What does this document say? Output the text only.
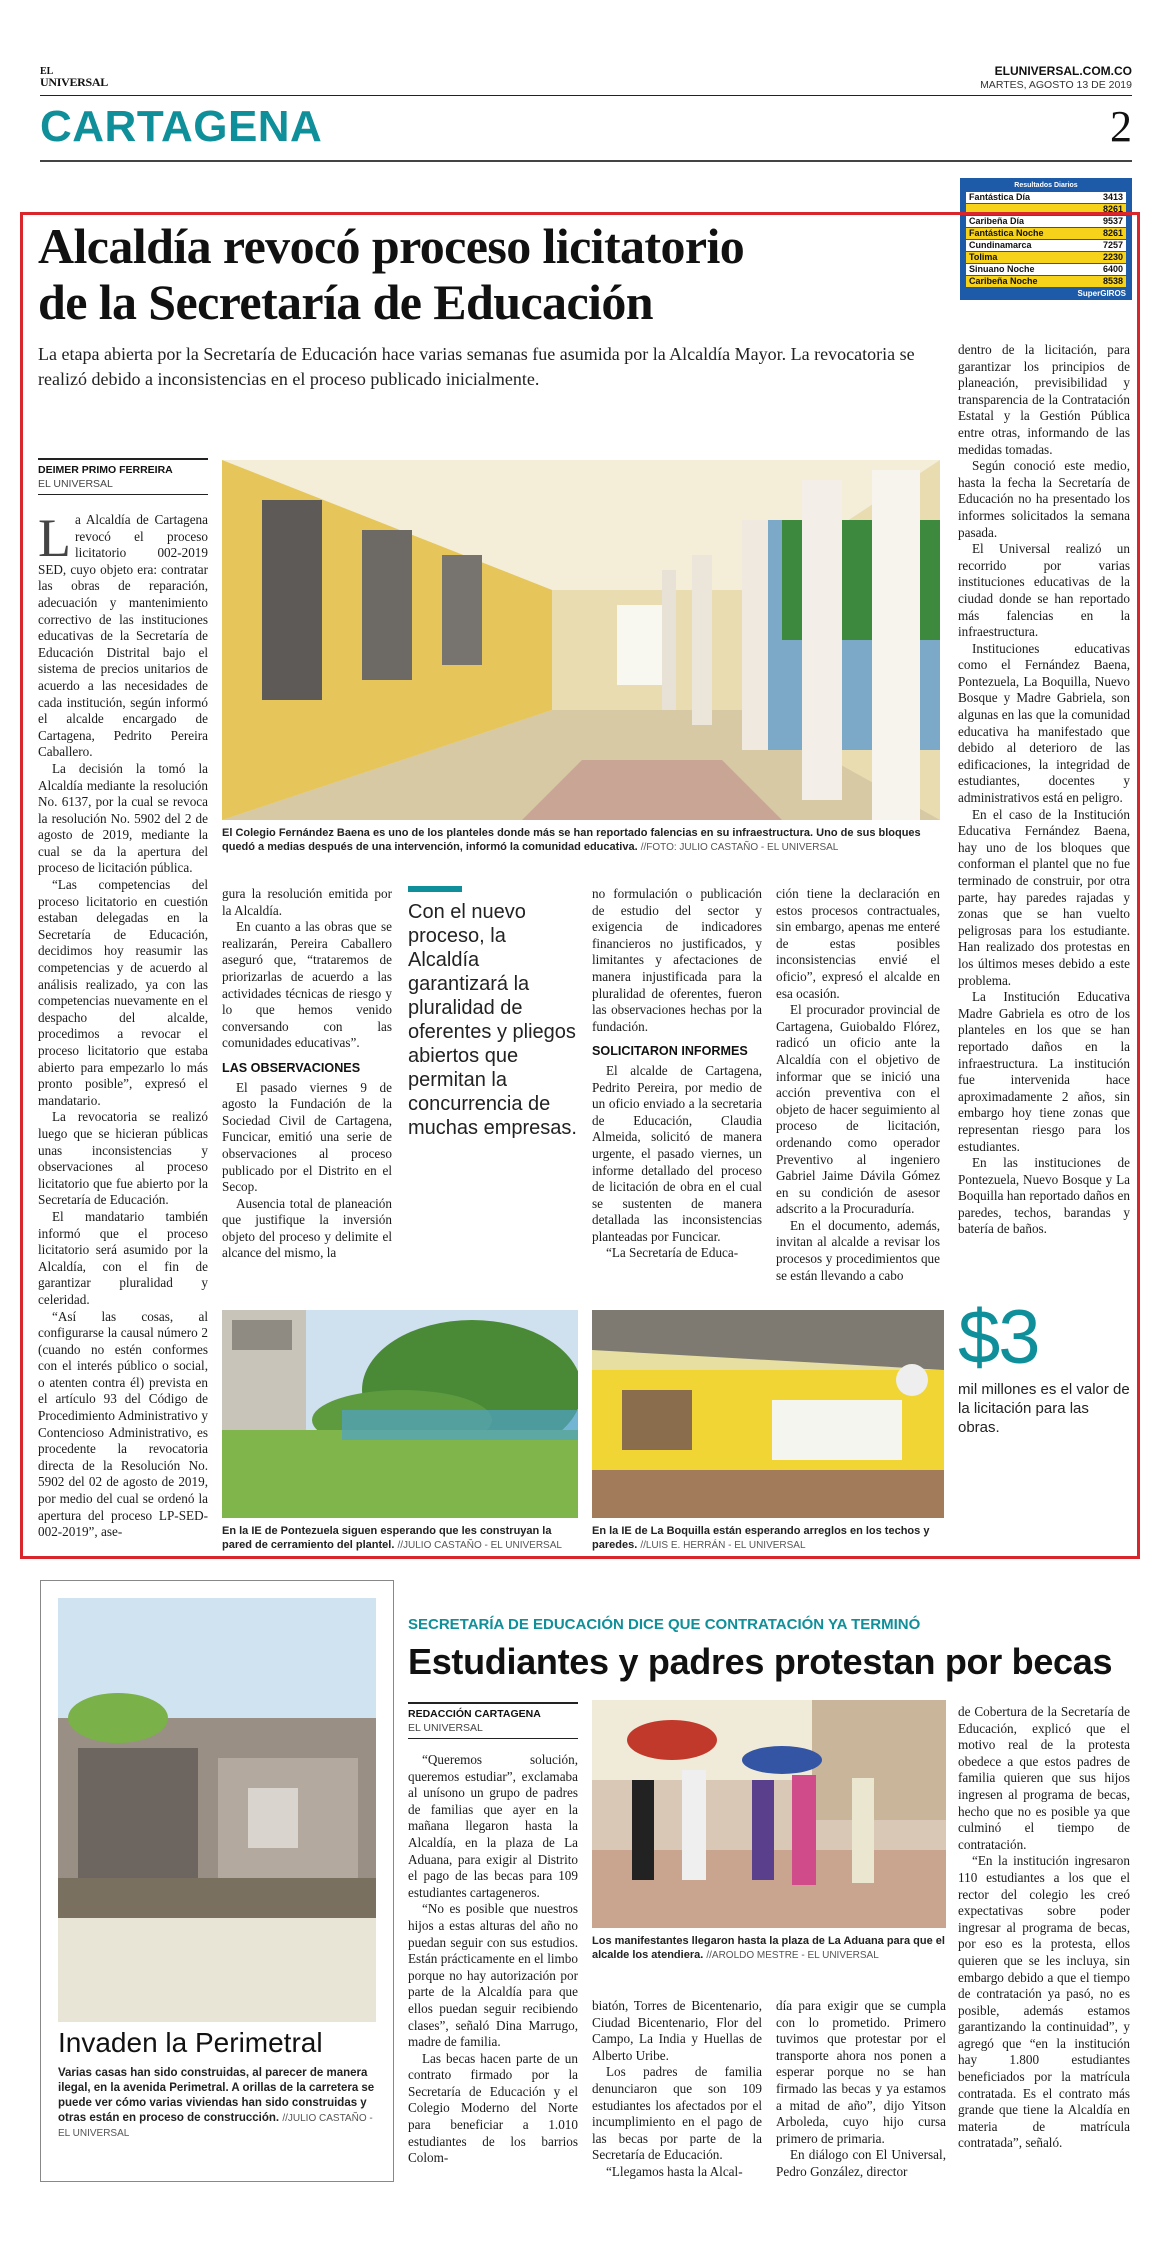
EL
UNIVERSAL
ELUNIVERSAL.COM.CO
MARTES, AGOSTO 13 DE 2019
CARTAGENA	2
Resultados Diarios
Fantástica Día	3413
8261
Caribeña Día	9537
Fantástica Noche	8261
Cundinamarca	7257
Tolima	2230
Sinuano Noche	6400
Caribeña Noche	8538
SuperGIROS
Alcaldía revocó proceso licitatorio
de la Secretaría de Educación
La etapa abierta por la Secretaría de Educación hace varias semanas fue asumida por la Alcaldía Mayor. La revocatoria se realizó debido a inconsistencias en el proceso publicado inicialmente.
DEIMER PRIMO FERREIRA
EL UNIVERSAL

La Alcaldía de Cartagena revocó el proceso licitatorio 002-2019 SED, cuyo objeto era: contratar las obras de reparación, adecuación y mantenimiento correctivo de las instituciones educativas de la Secretaría de Educación Distrital bajo el sistema de precios unitarios de acuerdo a las necesidades de cada institución, según informó el alcalde encargado de Cartagena, Pedrito Pereira Caballero.

La decisión la tomó la Alcaldía mediante la resolución No. 6137, por la cual se revoca la resolución No. 5902 del 2 de agosto de 2019, mediante la cual se da la apertura del proceso de licitación pública.

“Las competencias del proceso licitatorio en cuestión estaban delegadas en la Secretaría de Educación, decidimos hoy reasumir las competencias y de acuerdo al análisis realizado, ya con las competencias nuevamente en el despacho del alcalde, procedimos a revocar el proceso licitatorio que estaba abierto para empezarlo lo más pronto posible”, expresó el mandatario.

La revocatoria se realizó luego que se hicieran públicas unas inconsistencias y observaciones al proceso licitatorio que fue abierto por la Secretaría de Educación.

El mandatario también informó que el proceso licitatorio será asumido por la Alcaldía, con el fin de garantizar pluralidad y celeridad.

“Así las cosas, al configurarse la causal número 2 (cuando no estén conformes con el interés público o social, o atenten contra él) prevista en el artículo 93 del Código de Procedimiento Administrativo y Contencioso Administrativo, es procedente la revocatoria directa de la Resolución No. 5902 del 02 de agosto de 2019, por medio del cual se ordenó la apertura del proceso LP-SED-002-2019”, ase-

El Colegio Fernández Baena es uno de los planteles donde más se han reportado falencias en su infraestructura. Uno de sus bloques quedó a medias después de una intervención, informó la comunidad educativa. //FOTO: JULIO CASTAÑO - EL UNIVERSAL

gura la resolución emitida por la Alcaldía.

En cuanto a las obras que se realizarán, Pereira Caballero aseguró que, “trataremos de priorizarlas de acuerdo a las actividades técnicas de riesgo y lo que hemos venido conversando con las comunidades educativas”.

LAS OBSERVACIONES

El pasado viernes 9 de agosto la Fundación de la Sociedad Civil de Cartagena, Funcicar, emitió una serie de observaciones al proceso publicado por el Distrito en el Secop.

Ausencia total de planeación que justifique la inversión objeto del proceso y delimite el alcance del mismo, la

Con el nuevo proceso, la Alcaldía garantizará la pluralidad de oferentes y pliegos abiertos que permitan la concurrencia de muchas empresas.

no formulación o publicación de estudio del sector y exigencia de indicadores financieros no justificados, y limitantes y afectaciones de manera injustificada para la pluralidad de oferentes, fueron las observaciones hechas por la fundación.

SOLICITARON INFORMES

El alcalde de Cartagena, Pedrito Pereira, por medio de un oficio enviado a la secretaria de Educación, Claudia Almeida, solicitó de manera urgente, el pasado viernes, un informe detallado del proceso de licitación de obra en el cual se sustenten de manera detallada las inconsistencias planteadas por Funcicar.

“La Secretaría de Educa-

ción tiene la declaración en estos procesos contractuales, sin embargo, apenas me enteré de estas posibles inconsistencias envié el oficio”, expresó el alcalde en esa ocasión.

El procurador provincial de Cartagena, Guiobaldo Flórez, radicó un oficio ante la Alcaldía con el objetivo de informar que se inició una acción preventiva con el objeto de hacer seguimiento al proceso de licitación, ordenando como operador Preventivo al ingeniero Gabriel Jaime Dávila Gómez en su condición de asesor adscrito a la Procuraduría.

En el documento, además, invitan al alcalde a revisar los procesos y procedimientos que se están llevando a cabo

dentro de la licitación, para garantizar los principios de planeación, previsibilidad y transparencia de la Contratación Estatal y la Gestión Pública entre otras, informando de las medidas tomadas.

Según conoció este medio, hasta la fecha la Secretaría de Educación no ha presentado los informes solicitados la semana pasada.

El Universal realizó un recorrido por varias instituciones educativas de la ciudad donde se han reportado más falencias en la infraestructura.

Instituciones educativas como el Fernández Baena, Pontezuela, La Boquilla, Nuevo Bosque y Madre Gabriela, son algunas en las que la comunidad educativa ha manifestado que debido al deterioro de las edificaciones, la integridad de estudiantes, docentes y administrativos está en peligro.

En el caso de la Institución Educativa Fernández Baena, hay uno de los bloques que conforman el plantel que no fue terminado de construir, por otra parte, hay paredes rajadas y zonas que se han vuelto peligrosas para los estudiante. Han realizado dos protestas en los últimos meses debido a este problema.

La Institución Educativa Madre Gabriela es otro de los planteles en los que se han reportado daños en la infraestructura. La institución fue intervenida hace aproximadamente 2 años, sin embargo hoy tiene zonas que representan riesgo para los estudiantes.

En las instituciones de Pontezuela, Nuevo Bosque y La Boquilla han reportado daños en paredes, techos, barandas y batería de baños.

En la IE de Pontezuela siguen esperando que les construyan la pared de cerramiento del plantel. //JULIO CASTAÑO - EL UNIVERSAL
En la IE de La Boquilla están esperando arreglos en los techos y paredes. //LUIS E. HERRÁN - EL UNIVERSAL
$3
mil millones es el valor de la licitación para las obras.
Invaden la Perimetral
Varias casas han sido construidas, al parecer de manera ilegal, en la avenida Perimetral. A orillas de la carretera se puede ver cómo varias viviendas han sido construidas y otras están en proceso de construcción. //JULIO CASTAÑO - EL UNIVERSAL
SECRETARÍA DE EDUCACIÓN DICE QUE CONTRATACIÓN YA TERMINÓ
Estudiantes y padres protestan por becas
REDACCIÓN CARTAGENA
EL UNIVERSAL

“Queremos solución, queremos estudiar”, exclamaba al unísono un grupo de padres de familias que ayer en la mañana llegaron hasta la Alcaldía, en la plaza de La Aduana, para exigir al Distrito el pago de las becas para 109 estudiantes cartageneros.

“No es posible que nuestros hijos a estas alturas del año no puedan seguir con sus estudios. Están prácticamente en el limbo porque no hay autorización por parte de la Alcaldía para que ellos puedan seguir recibiendo clases”, señaló Dina Marrugo, madre de familia.

Las becas hacen parte de un contrato firmado por la Secretaría de Educación y el Colegio Moderno del Norte para beneficiar a 1.010 estudiantes de los barrios Colom-

Los manifestantes llegaron hasta la plaza de La Aduana para que el alcalde los atendiera. //AROLDO MESTRE - EL UNIVERSAL

biatón, Torres de Bicentenario, Ciudad Bicentenario, Flor del Campo, La India y Huellas de Alberto Uribe.

Los padres de familia denunciaron que son 109 estudiantes los afectados por el incumplimiento en el pago de las becas por parte de la Secretaría de Educación.

“Llegamos hasta la Alcal-

día para exigir que se cumpla con lo prometido. Primero tuvimos que protestar por el transporte ahora nos ponen a esperar porque no se han firmado las becas y ya estamos a mitad de año”, dijo Yitson Arboleda, cuyo hijo cursa primero de primaria.

En diálogo con El Universal, Pedro González, director

de Cobertura de la Secretaría de Educación, explicó que el motivo real de la protesta obedece a que estos padres de familia quieren que sus hijos ingresen al programa de becas, hecho que no es posible ya que culminó el tiempo de contratación.

“En la institución ingresaron 110 estudiantes a los que el rector del colegio les creó expectativas sobre poder ingresar al programa de becas, por eso es la protesta, ellos quieren que se les incluya, sin embargo debido a que el tiempo de contratación ya pasó, no es posible, además estamos garantizando la continuidad”, y agregó que “en la institución hay 1.800 estudiantes beneficiados por la matrícula contratada. Es el contrato más grande que tiene la Alcaldía en materia de matrícula contratada”, señaló.
